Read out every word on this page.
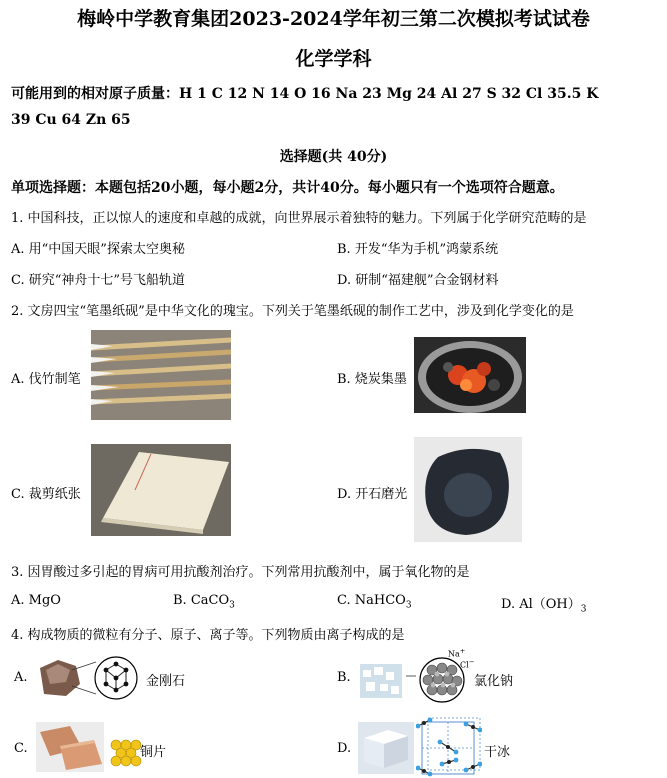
梅岭中学教育集团2023-2024学年初三第二次模拟考试试卷
化学学科
可能用到的相对原子质量：H 1 C 12 N 14 O 16 Na 23 Mg 24 Al 27 S 32 Cl 35.5 K
39 Cu 64 Zn 65
选择题(共 40分)
单项选择题：本题包括20小题，每小题2分，共计40分。每小题只有一个选项符合题意。
1. 中国科技，正以惊人的速度和卓越的成就，向世界展示着独特的魅力。下列属于化学研究范畴的是
A. 用“中国天眼”探索太空奥秘	B. 开发“华为手机”鸿蒙系统
C. 研究“神舟十七”号飞船轨道	D. 研制“福建舰”合金钢材料
2. 文房四宝“笔墨纸砚”是中华文化的瑰宝。下列关于笔墨纸砚的制作工艺中，涉及到化学变化的是
A. 伐竹制笔	B. 烧炭集墨
C. 裁剪纸张	D. 开石磨光
3. 因胃酸过多引起的胃病可用抗酸剂治疗。下列常用抗酸剂中，属于氧化物的是
A. MgO	B. CaCO$_3$	C. NaHCO$_3$	D. $Al(OH)_3$
4. 构成物质的微粒有分子、原子、离子等。下列物质由离子构成的是
A.	金刚石	B.
Na+
Cl−
氯化钠
C.	铜片	D.	干冰
